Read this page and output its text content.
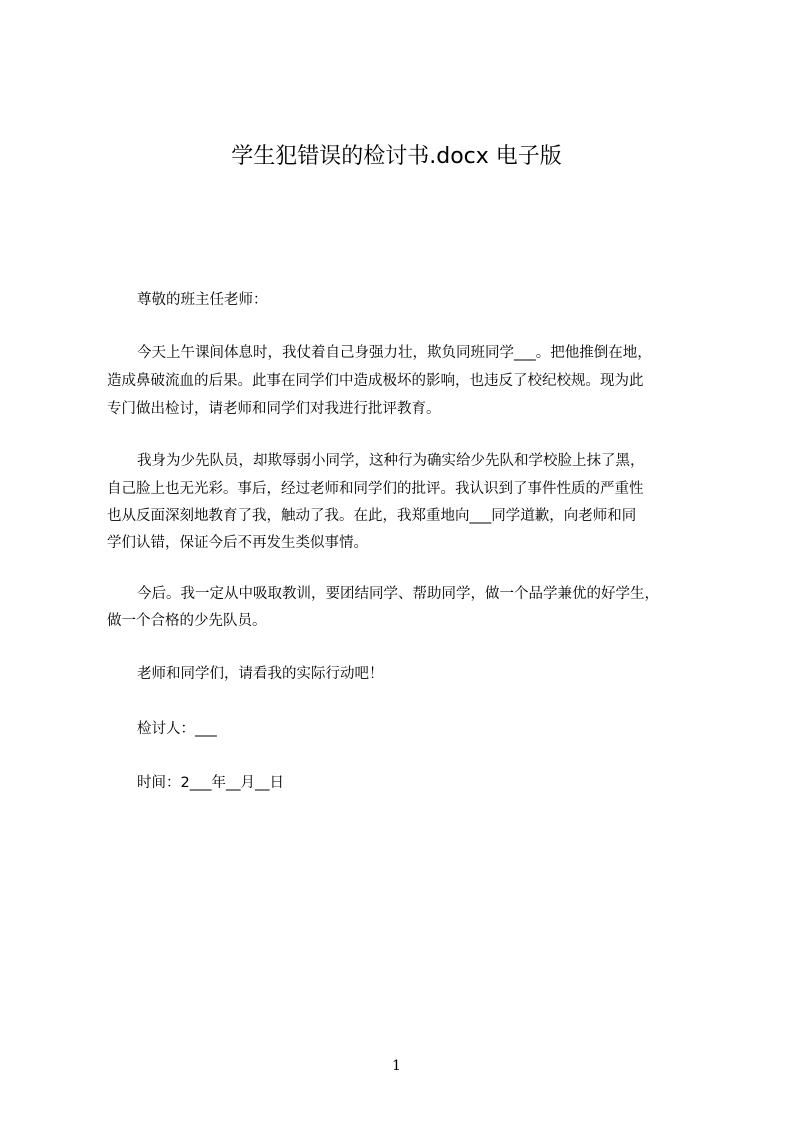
学生犯错误的检讨书.docx 电子版
尊敬的班主任老师：
今天上午课间体息时，我仗着自己身强力壮，欺负同班同学___。把他推倒在地，
造成鼻破流血的后果。此事在同学们中造成极坏的影响，也违反了校纪校规。现为此
专门做出检讨，请老师和同学们对我进行批评教育。
我身为少先队员，却欺辱弱小同学，这种行为确实给少先队和学校脸上抹了黑，
自己脸上也无光彩。事后，经过老师和同学们的批评。我认识到了事件性质的严重性
也从反面深刻地教育了我，触动了我。在此，我郑重地向___同学道歉，向老师和同
学们认错，保证今后不再发生类似事情。
今后。我一定从中吸取教训，要团结同学、帮助同学，做一个品学兼优的好学生，
做一个合格的少先队员。
老师和同学们，请看我的实际行动吧！
检讨人：___
时间：2___年__月__日
1
